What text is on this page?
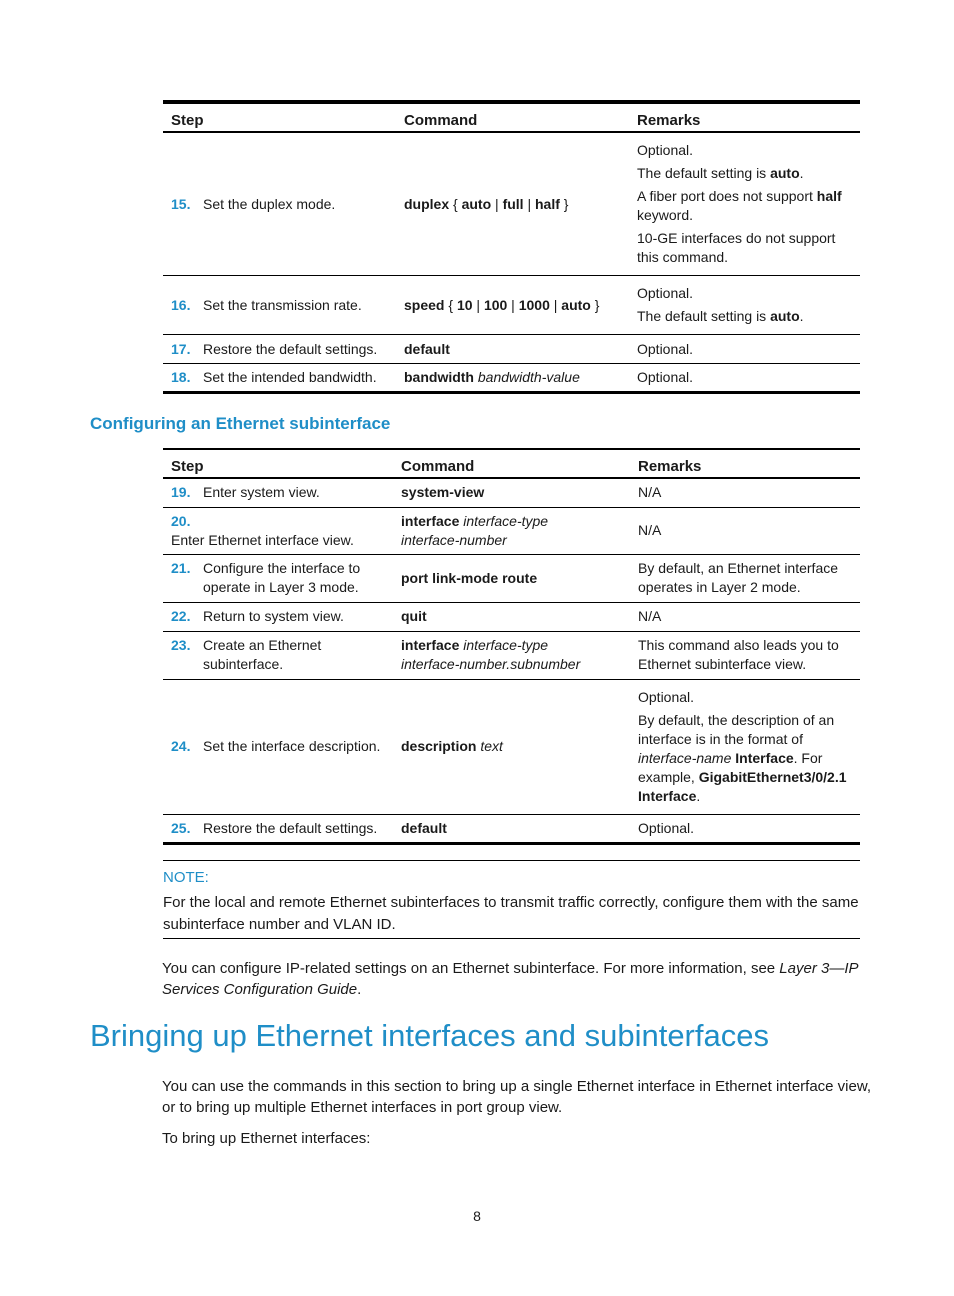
Step	Command	Remarks
15. Set the duplex mode.	duplex { auto | full | half }	Optional.

The default setting is auto.

A fiber port does not support half keyword.

10-GE interfaces do not support this command.

16. Set the transmission rate.	speed { 10 | 100 | 1000 | auto }	Optional.

The default setting is auto.

17. Restore the default settings.	default	Optional.
18. Set the intended bandwidth.	bandwidth bandwidth-value	Optional.
Configuring an Ethernet subinterface
Step	Command	Remarks
19. Enter system view.	system-view	N/A
20.Enter Ethernet interface view.	interface interface-type
interface-number	N/A
21. Configure the interface to operate in Layer 3 mode.	port link-mode route	By default, an Ethernet interface operates in Layer 2 mode.
22. Return to system view.	quit	N/A
23. Create an Ethernet subinterface.	interface interface-type
interface-number.subnumber	This command also leads you to Ethernet subinterface view.
24. Set the interface description.	description text	Optional.

By default, the description of an interface is in the format of interface-name Interface. For example, GigabitEthernet3/0/2.1 Interface.

25. Restore the default settings.	default	Optional.

NOTE:

For the local and remote Ethernet subinterfaces to transmit traffic correctly, configure them with the same subinterface number and VLAN ID.

You can configure IP-related settings on an Ethernet subinterface. For more information, see Layer 3—IP Services Configuration Guide.

Bringing up Ethernet interfaces and subinterfaces

You can use the commands in this section to bring up a single Ethernet interface in Ethernet interface view, or to bring up multiple Ethernet interfaces in port group view.

To bring up Ethernet interfaces:

8
